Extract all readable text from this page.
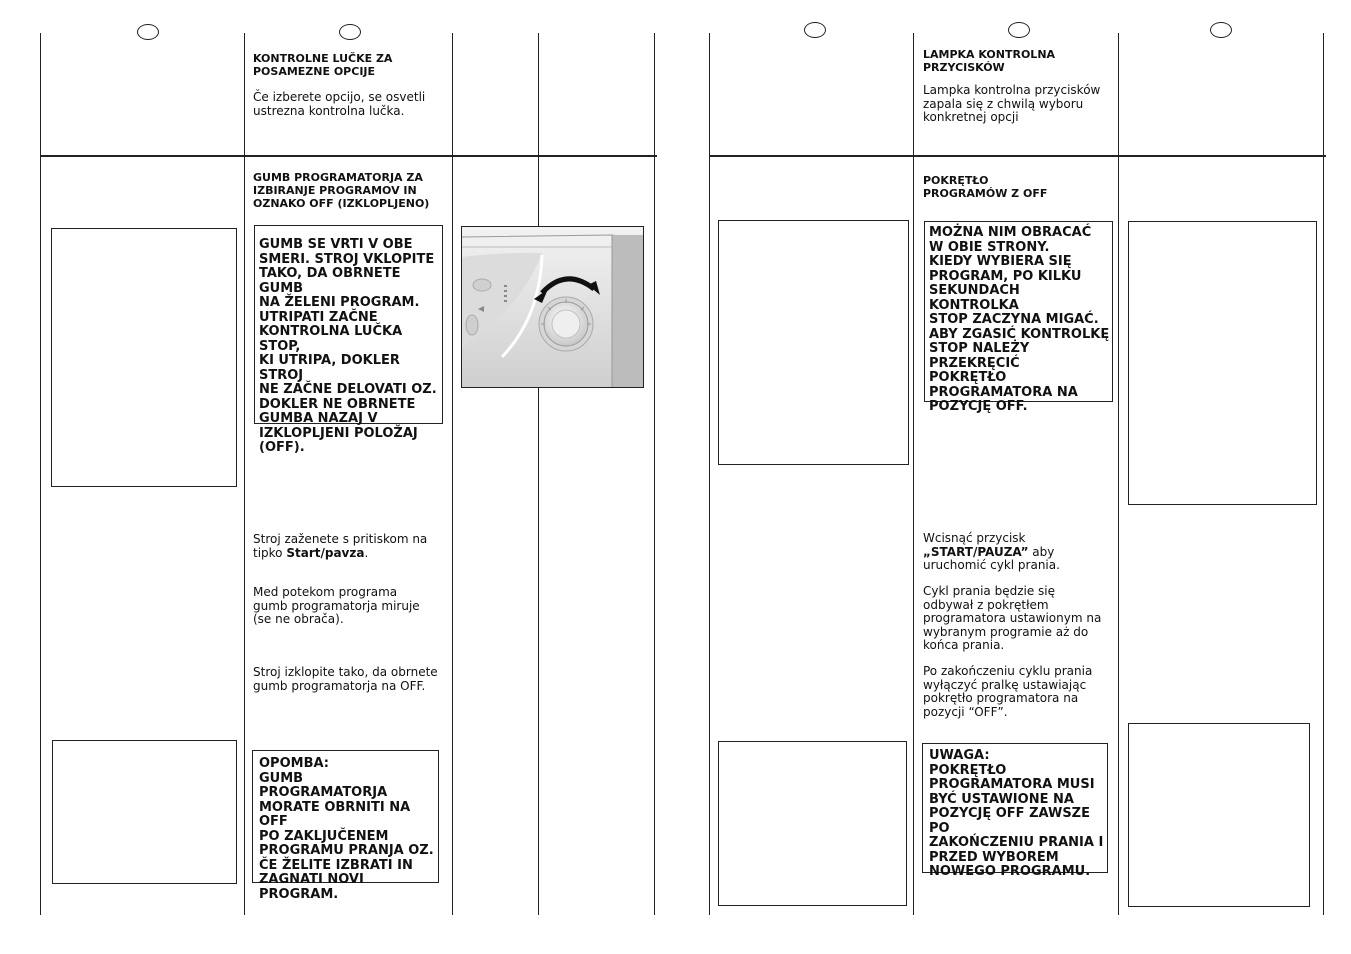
KONTROLNE LUČKE ZA
POSAMEZNE OPCIJE
Če izberete opcijo, se osvetli
ustrezna kontrolna lučka.
GUMB PROGRAMATORJA ZA
IZBIRANJE PROGRAMOV IN
OZNAKO OFF (IZKLOPLJENO)
GUMB SE VRTI V OBE
SMERI. STROJ VKLOPITE
TAKO, DA OBRNETE GUMB
NA ŽELENI PROGRAM.
UTRIPATI ZAČNE
KONTROLNA LUČKA STOP,
KI UTRIPA, DOKLER STROJ
NE ZAČNE DELOVATI OZ.
DOKLER NE OBRNETE
GUMBA NAZAJ V
IZKLOPLJENI POLOŽAJ
(OFF).
Stroj zaženete s pritiskom na
tipko Start/pavza.
Med potekom programa
gumb programatorja miruje
(se ne obrača).
Stroj izklopite tako, da obrnete
gumb programatorja na OFF.
OPOMBA:
GUMB PROGRAMATORJA
MORATE OBRNITI NA OFF
PO ZAKLJUČENEM
PROGRAMU PRANJA OZ.
ČE ŽELITE IZBRATI IN
ZAGNATI NOVI
PROGRAM.
LAMPKA KONTROLNA
PRZYCISKÓW
Lampka kontrolna przycisków
zapala się z chwilą wyboru
konkretnej opcji
POKRĘTŁO
PROGRAMÓW Z OFF
MOŻNA NIM OBRACAĆ
W OBIE STRONY.
KIEDY WYBIERA SIĘ
PROGRAM, PO KILKU
SEKUNDACH KONTROLKA
STOP ZACZYNA MIGAĆ.
ABY ZGASIĆ KONTROLKĘ
STOP NALEŻY PRZEKRĘCIĆ
POKRĘTŁO
PROGRAMATORA NA
POZYCJĘ OFF.
Wcisnąć przycisk
„START/PAUZA” aby
uruchomić cykl prania.
Cykl prania będzie się
odbywał z pokrętłem
programatora ustawionym na
wybranym programie aż do
końca prania.
Po zakończeniu cyklu prania
wyłączyć pralkę ustawiając
pokrętło programatora na
pozycji “OFF”.
UWAGA:
POKRĘTŁO
PROGRAMATORA MUSI
BYĆ USTAWIONE NA
POZYCJĘ OFF ZAWSZE PO
ZAKOŃCZENIU PRANIA I
PRZED WYBOREM
NOWEGO PROGRAMU.
